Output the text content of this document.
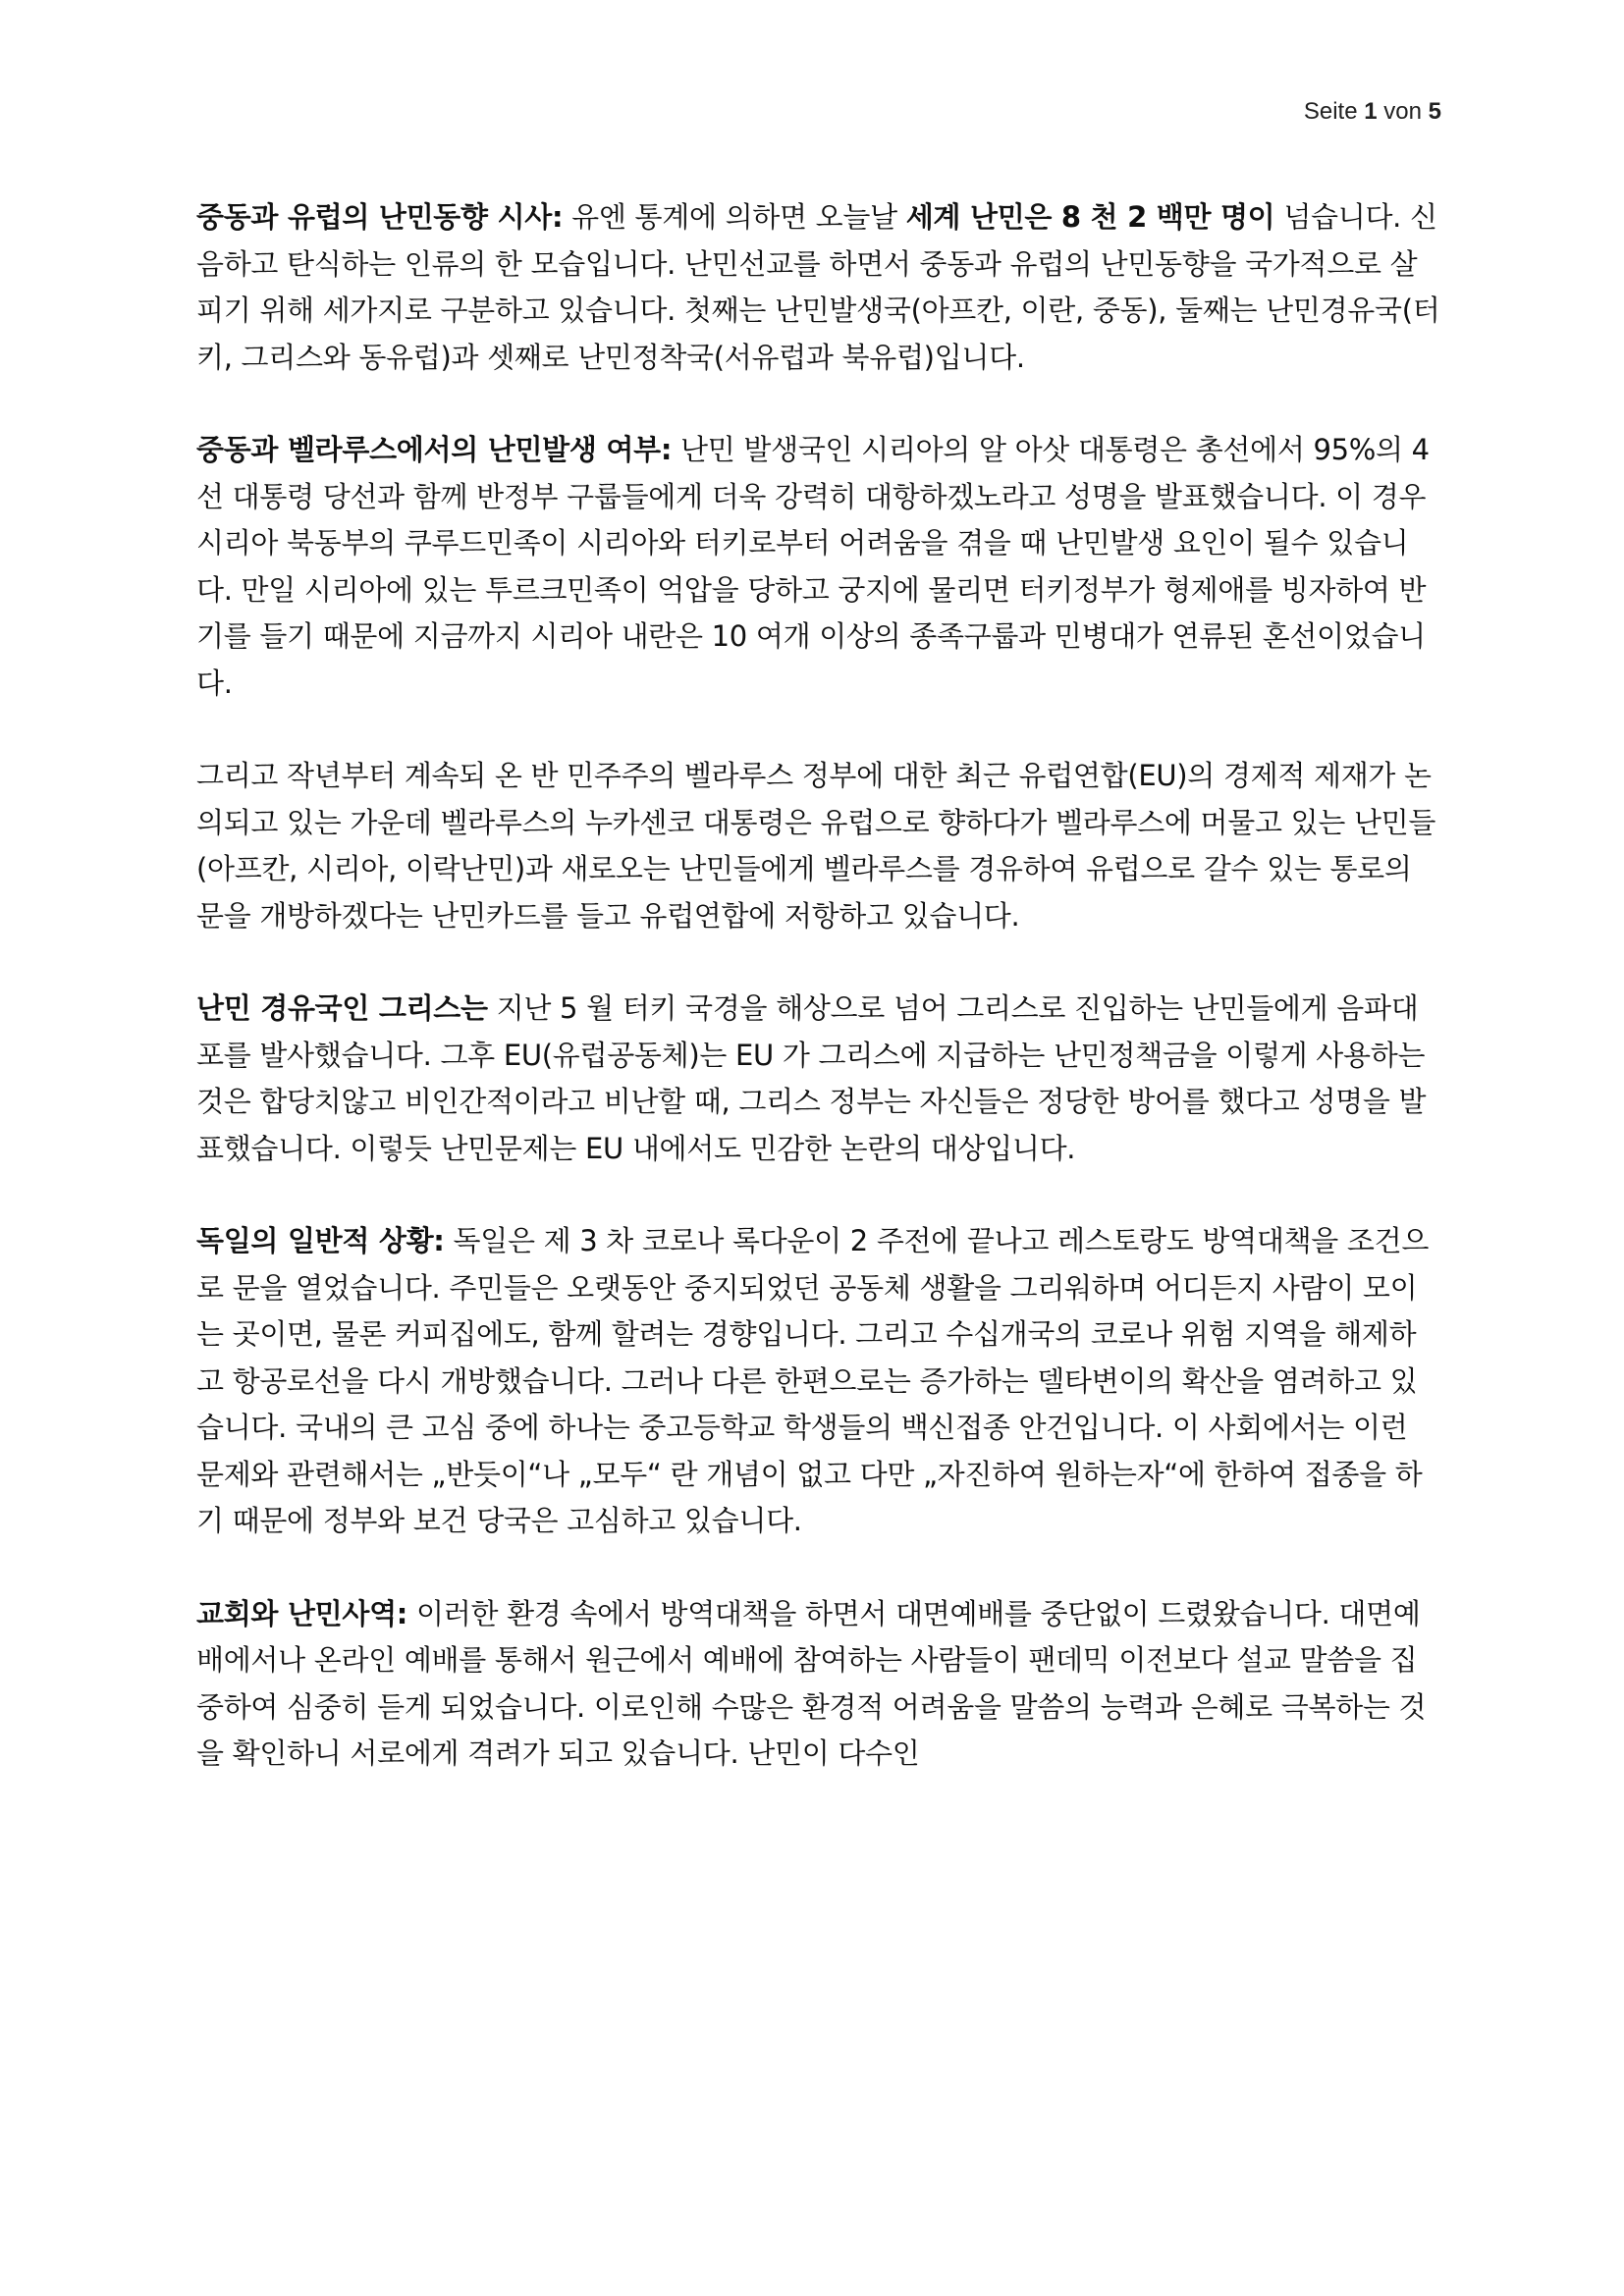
Seite 1 von 5

중동과 유럽의 난민동향 시사: 유엔 통계에 의하면 오늘날 세계 난민은 8 천 2 백만 명이 넘습니다. 신음하고 탄식하는 인류의 한 모습입니다. 난민선교를 하면서 중동과 유럽의 난민동향을 국가적으로 살피기 위해 세가지로 구분하고 있습니다. 첫째는 난민발생국(아프칸, 이란, 중동), 둘째는 난민경유국(터키, 그리스와 동유럽)과 셋째로 난민정착국(서유럽과 북유럽)입니다.

중동과 벨라루스에서의 난민발생 여부: 난민 발생국인 시리아의 알 아삿 대통령은 총선에서 95%의 4 선 대통령 당선과 함께 반정부 구룹들에게 더욱 강력히 대항하겠노라고 성명을 발표했습니다. 이 경우 시리아 북동부의 쿠루드민족이 시리아와 터키로부터 어려움을 겪을 때 난민발생 요인이 될수 있습니다. 만일 시리아에 있는 투르크민족이 억압을 당하고 궁지에 물리면 터키정부가 형제애를 빙자하여 반기를 들기 때문에 지금까지 시리아 내란은 10 여개 이상의 종족구룹과 민병대가 연류된 혼선이었습니다.

그리고 작년부터 계속되 온 반 민주주의 벨라루스 정부에 대한 최근 유럽연합(EU)의 경제적 제재가 논의되고 있는 가운데 벨라루스의 누카센코 대통령은 유럽으로 향하다가 벨라루스에 머물고 있는 난민들(아프칸, 시리아, 이락난민)과 새로오는 난민들에게 벨라루스를 경유하여 유럽으로 갈수 있는 통로의 문을 개방하겠다는 난민카드를 들고 유럽연합에 저항하고 있습니다.

난민 경유국인 그리스는 지난 5 월 터키 국경을 해상으로 넘어 그리스로 진입하는 난민들에게 음파대포를 발사했습니다. 그후 EU(유럽공동체)는 EU 가 그리스에 지급하는 난민정책금을 이렇게 사용하는 것은 합당치않고 비인간적이라고 비난할 때, 그리스 정부는 자신들은 정당한 방어를 했다고 성명을 발표했습니다. 이렇듯 난민문제는 EU 내에서도 민감한 논란의 대상입니다.

독일의 일반적 상황: 독일은 제 3 차 코로나 록다운이 2 주전에 끝나고 레스토랑도 방역대책을 조건으로 문을 열었습니다. 주민들은 오랫동안 중지되었던 공동체 생활을 그리워하며 어디든지 사람이 모이는 곳이면, 물론 커피집에도, 함께 할려는 경향입니다. 그리고 수십개국의 코로나 위험 지역을 해제하고 항공로선을 다시 개방했습니다. 그러나 다른 한편으로는 증가하는 델타변이의 확산을 염려하고 있습니다. 국내의 큰 고심 중에 하나는 중고등학교 학생들의 백신접종 안건입니다. 이 사회에서는 이런 문제와 관련해서는 „반듯이“나 „모두“ 란 개념이 없고 다만 „자진하여 원하는자“에 한하여 접종을 하기 때문에 정부와 보건 당국은 고심하고 있습니다.

교회와 난민사역: 이러한 환경 속에서 방역대책을 하면서 대면예배를 중단없이 드렸왔습니다. 대면예배에서나 온라인 예배를 통해서 원근에서 예배에 참여하는 사람들이 팬데믹 이전보다 설교 말씀을 집중하여 심중히 듣게 되었습니다. 이로인해 수많은 환경적 어려움을 말씀의 능력과 은혜로 극복하는 것을 확인하니 서로에게 격려가 되고 있습니다. 난민이 다수인
